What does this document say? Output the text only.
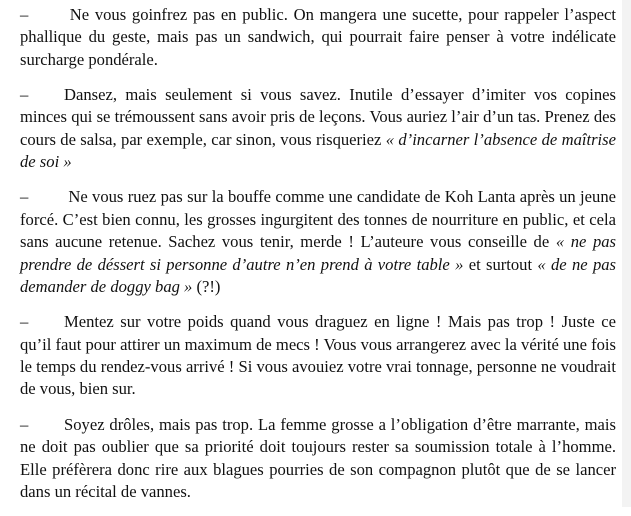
– Ne vous goinfrez pas en public. On mangera une sucette, pour rappeler l’aspect phallique du geste, mais pas un sandwich, qui pourrait faire penser à votre indélicate surcharge pondérale.

– Dansez, mais seulement si vous savez. Inutile d’essayer d’imiter vos copines minces qui se trémoussent sans avoir pris de leçons. Vous auriez l’air d’un tas. Prenez des cours de salsa, par exemple, car sinon, vous risqueriez « d’incarner l’absence de maîtrise de soi »

– Ne vous ruez pas sur la bouffe comme une candidate de Koh Lanta après un jeune forcé. C’est bien connu, les grosses ingurgitent des tonnes de nourriture en public, et cela sans aucune retenue. Sachez vous tenir, merde ! L’auteure vous conseille de « ne pas prendre de déssert si personne d’autre n’en prend à votre table » et surtout « de ne pas demander de doggy bag » (?!)

– Mentez sur votre poids quand vous draguez en ligne ! Mais pas trop ! Juste ce qu’il faut pour attirer un maximum de mecs ! Vous vous arrangerez avec la vérité une fois le temps du rendez-vous arrivé ! Si vous avouiez votre vrai tonnage, personne ne voudrait de vous, bien sur.

– Soyez drôles, mais pas trop. La femme grosse a l’obligation d’être marrante, mais ne doit pas oublier que sa priorité doit toujours rester sa soumission totale à l’homme. Elle préfèrera donc rire aux blagues pourries de son compagnon plutôt que de se lancer dans un récital de vannes.
